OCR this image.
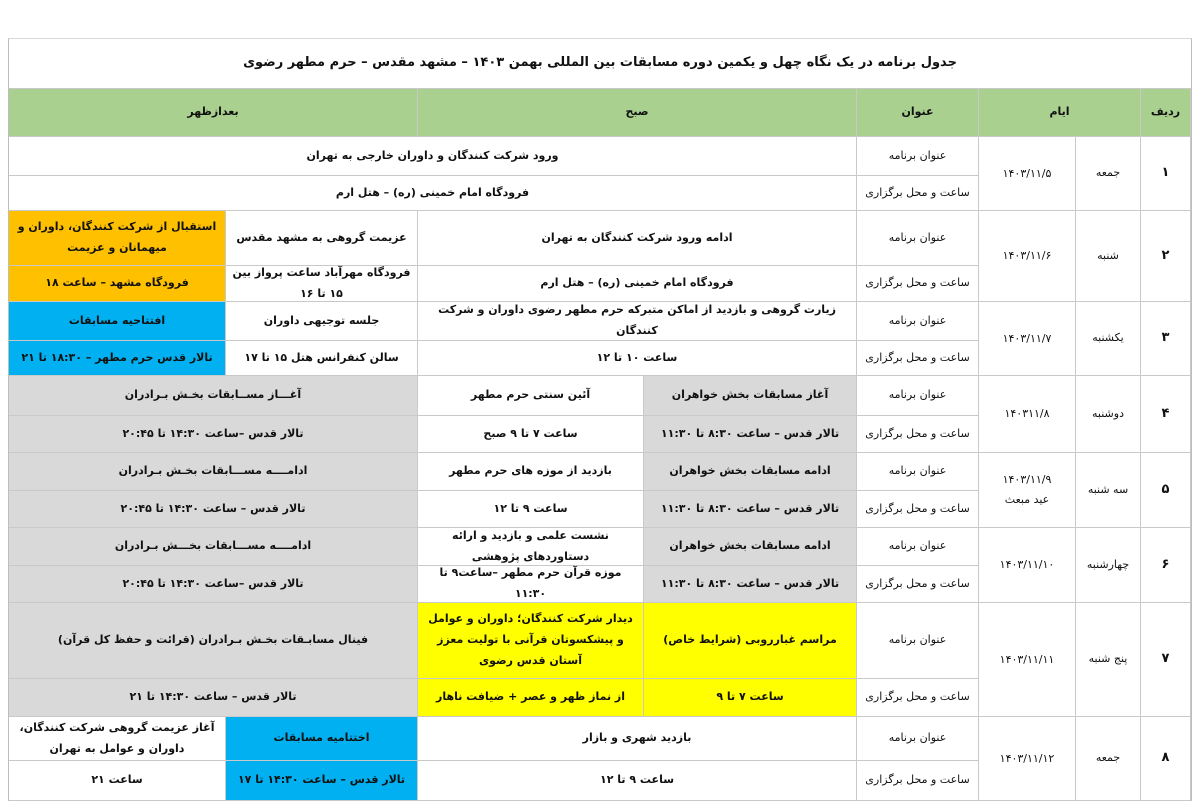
جدول برنامه در یک نگاه چهل و یکمین دوره مسابقات بین المللی بهمن ۱۴۰۳ – مشهد مقدس – حرم مطهر رضوی
ردیف
ایام
عنوان
صبح
بعدازظهر
۱
جمعه
۱۴۰۳/۱۱/۵
عنوان برنامه
ساعت و محل برگزاری
ورود شرکت کنندگان و داوران خارجی به تهران
فرودگاه امام خمینی (ره) – هتل ارم
۲
شنبه
۱۴۰۳/۱۱/۶
عنوان برنامه
ساعت و محل برگزاری
ادامه ورود شرکت کنندگان به تهران
فرودگاه امام خمینی (ره) – هتل ارم
عزیمت گروهی به مشهد مقدس
فرودگاه مهرآباد ساعت پرواز بین ۱۵ تا ۱۶
استقبال از شرکت کنندگان، داوران و میهمانان و عزیمت
فرودگاه مشهد – ساعت ۱۸
۳
یکشنبه
۱۴۰۳/۱۱/۷
عنوان برنامه
ساعت و محل برگزاری
زیارت گروهی و بازدید از اماکن متبرکه حرم مطهر رضوی داوران و شرکت کنندگان
ساعت ۱۰ تا ۱۲
جلسه توجیهی داوران
سالن کنفرانس هتل ۱۵ تا ۱۷
افتتاحیه مسابقات
تالار قدس حرم مطهر – ۱۸:۳۰ تا ۲۱
۴
دوشنبه
۱۴۰۳۱۱/۸
عنوان برنامه
ساعت و محل برگزاری
آغاز مسابقات بخش خواهران
تالار قدس – ساعت ۸:۳۰ تا ۱۱:۳۰
آئین سنتی حرم مطهر
ساعت ۷ تا ۹ صبح
آغـــاز مســابقات بخـش بـرادران
تالار قدس –ساعت ۱۴:۳۰ تا ۲۰:۴۵
۵
سه شنبه
۱۴۰۳/۱۱/۹
عید مبعث
عنوان برنامه
ساعت و محل برگزاری
ادامه مسابقات بخش خواهران
تالار قدس – ساعت ۸:۳۰ تا ۱۱:۳۰
بازدید از موزه های حرم مطهر
ساعت ۹ تا ۱۲
ادامــــه مســـابقات بخـش بـرادران
تالار قدس – ساعت ۱۴:۳۰ تا ۲۰:۴۵
۶
چهارشنبه
۱۴۰۳/۱۱/۱۰
عنوان برنامه
ساعت و محل برگزاری
ادامه مسابقات بخش خواهران
تالار قدس – ساعت ۸:۳۰ تا ۱۱:۳۰
نشست علمی و بازدید و ارائه دستاوردهای پژوهشی
موزه قرآن حرم مطهر –ساعت۹ تا ۱۱:۳۰
ادامــــه مســـابقات بخـــش بـرادران
تالار قدس –ساعت ۱۴:۳۰ تا ۲۰:۴۵
۷
پنج شنبه
۱۴۰۳/۱۱/۱۱
عنوان برنامه
ساعت و محل برگزاری
مراسم غبارروبی (شرایط خاص)
ساعت ۷ تا ۹
دیدار شرکت کنندگان؛ داوران و عوامل و پیشکسوتان قرآنی با تولیت معزز آستان قدس رضوی
از نماز ظهر و عصر + ضیافت ناهار
فینال مسابـقات بخـش بـرادران (قرائت و حفظ کل قرآن)
تالار قدس – ساعت ۱۴:۳۰ تا ۲۱
۸
جمعه
۱۴۰۳/۱۱/۱۲
عنوان برنامه
ساعت و محل برگزاری
بازدید شهری و بازار
ساعت ۹ تا ۱۲
اختتامیه مسابقات
تالار قدس – ساعت ۱۴:۳۰ تا ۱۷
آغاز عزیمت گروهی شرکت کنندگان، داوران و عوامل به تهران
ساعت ۲۱
